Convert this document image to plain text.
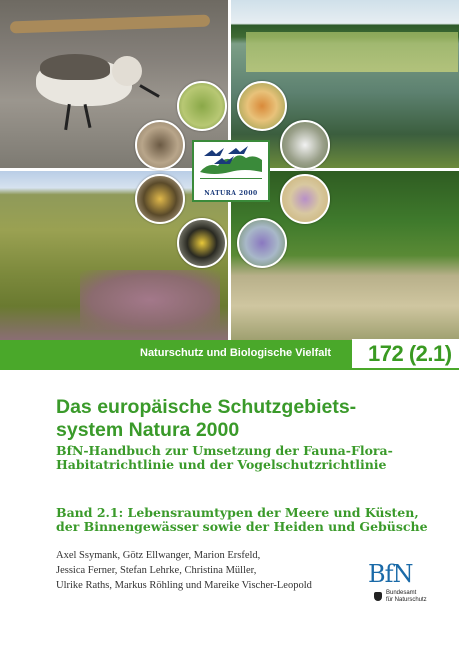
NATURA 2000
Naturschutz und Biologische Vielfalt 172 (2.1)
Das europäische Schutzgebiets-
system Natura 2000
BfN-Handbuch zur Umsetzung der Fauna-Flora-
Habitatrichtlinie und der Vogelschutzrichtlinie
Band 2.1: Lebensraumtypen der Meere und Küsten,
der Binnengewässer sowie der Heiden und Gebüsche

Axel Ssymank, Götz Ellwanger, Marion Ersfeld,
Jessica Ferner, Stefan Lehrke, Christina Müller,
Ulrike Raths, Markus Röhling und Mareike Vischer-Leopold	BfN
Bundesamt
für Naturschutz
